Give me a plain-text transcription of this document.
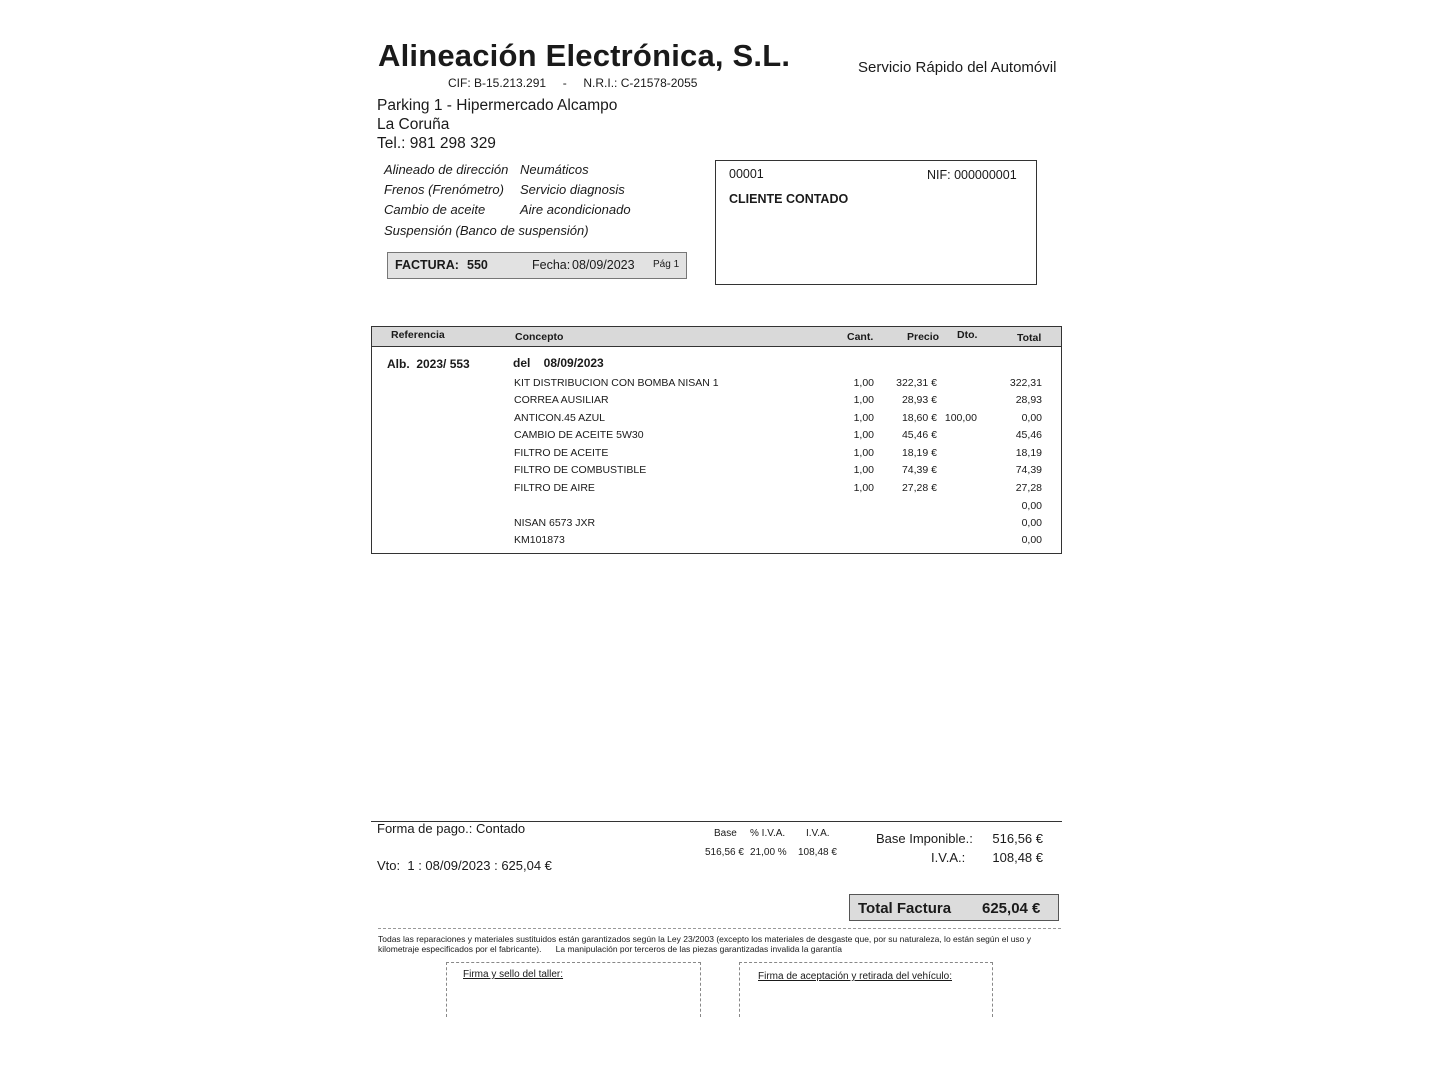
Alineación Electrónica, S.L.	Servicio Rápido del Automóvil
CIF: B-15.213.291     -     N.R.I.: C-21578-2055
Parking 1 - Hipermercado Alcampo
La Coruña
Tel.: 981 298 329
Alineado de dirección Neumáticos
Frenos (Frenómetro) Servicio diagnosis
Cambio de aceite	Aire acondicionado
Suspensión (Banco de suspensión)
FACTURA: 550	Fecha: 08/09/2023 Pág 1
00001	NIF: 000000001
CLIENTE CONTADO
Referencia	Concepto	Cant.	Precio Dto.	Total
Alb.  2023/ 553	del    08/09/2023
KIT DISTRIBUCION CON BOMBA NISAN 1	1,00	322,31 €	322,31
CORREA AUSILIAR	1,00	28,93 €	28,93
ANTICON.45 AZUL	1,00	18,60 € 100,00	0,00
CAMBIO DE ACEITE 5W30	1,00	45,46 €	45,46
FILTRO DE ACEITE	1,00	18,19 €	18,19
FILTRO DE COMBUSTIBLE	1,00	74,39 €	74,39
FILTRO DE AIRE	1,00	27,28 €	27,28
0,00
NISAN 6573 JXR	0,00
KM101873	0,00
Forma de pago.: Contado
Vto:  1 : 08/09/2023 : 625,04 €
Base % I.V.A. I.V.A.
516,56 € 21,00 % 108,48 €
Base Imponible.:	516,56 €
I.V.A.:	108,48 €
Total Factura 625,04 €
Todas las reparaciones y materiales sustituidos están garantizados según la Ley 23/2003 (excepto los materiales de desgaste que, por su naturaleza, lo están según el uso y
kilometraje especificados por el fabricante).      La manipulación por terceros de las piezas garantizadas invalida la garantía
Firma y sello del taller:	Firma de aceptación y retirada del vehículo:
